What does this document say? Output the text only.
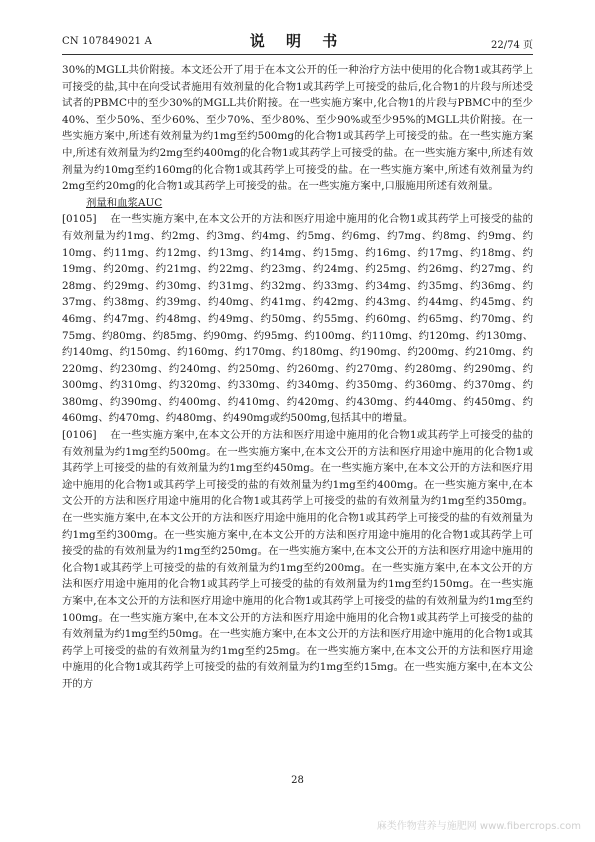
CN 107849021 A	说 明 书	22/74 页

30%的MGLL共价附接。本文还公开了用于在本文公开的任一种治疗方法中使用的化合物1或其药学上可接受的盐,其中在向受试者施用有效剂量的化合物1或其药学上可接受的盐后,化合物1的片段与所述受试者的PBMC中的至少30%的MGLL共价附接。在一些实施方案中,化合物1的片段与PBMC中的至少40%、至少50%、至少60%、至少70%、至少80%、至少90%或至少95%的MGLL共价附接。在一些实施方案中,所述有效剂量为约1mg至约500mg的化合物1或其药学上可接受的盐。在一些实施方案中,所述有效剂量为约2mg至约400mg的化合物1或其药学上可接受的盐。在一些实施方案中,所述有效剂量为约10mg至约160mg的化合物1或其药学上可接受的盐。在一些实施方案中,所述有效剂量为约2mg至约20mg的化合物1或其药学上可接受的盐。在一些实施方案中,口服施用所述有效剂量。

剂量和血浆AUC

[0105] 在一些实施方案中,在本文公开的方法和医疗用途中施用的化合物1或其药学上可接受的盐的有效剂量为约1mg、约2mg、约3mg、约4mg、约5mg、约6mg、约7mg、约8mg、约9mg、约10mg、约11mg、约12mg、约13mg、约14mg、约15mg、约16mg、约17mg、约18mg、约19mg、约20mg、约21mg、约22mg、约23mg、约24mg、约25mg、约26mg、约27mg、约28mg、约29mg、约30mg、约31mg、约32mg、约33mg、约34mg、约35mg、约36mg、约37mg、约38mg、约39mg、约40mg、约41mg、约42mg、约43mg、约44mg、约45mg、约46mg、约47mg、约48mg、约49mg、约50mg、约55mg、约60mg、约65mg、约70mg、约75mg、约80mg、约85mg、约90mg、约95mg、约100mg、约110mg、约120mg、约130mg、约140mg、约150mg、约160mg、约170mg、约180mg、约190mg、约200mg、约210mg、约220mg、约230mg、约240mg、约250mg、约260mg、约270mg、约280mg、约290mg、约300mg、约310mg、约320mg、约330mg、约340mg、约350mg、约360mg、约370mg、约380mg、约390mg、约400mg、约410mg、约420mg、约430mg、约440mg、约450mg、约460mg、约470mg、约480mg、约490mg或约500mg,包括其中的增量。

[0106] 在一些实施方案中,在本文公开的方法和医疗用途中施用的化合物1或其药学上可接受的盐的有效剂量为约1mg至约500mg。在一些实施方案中,在本文公开的方法和医疗用途中施用的化合物1或其药学上可接受的盐的有效剂量为约1mg至约450mg。在一些实施方案中,在本文公开的方法和医疗用途中施用的化合物1或其药学上可接受的盐的有效剂量为约1mg至约400mg。在一些实施方案中,在本文公开的方法和医疗用途中施用的化合物1或其药学上可接受的盐的有效剂量为约1mg至约350mg。在一些实施方案中,在本文公开的方法和医疗用途中施用的化合物1或其药学上可接受的盐的有效剂量为约1mg至约300mg。在一些实施方案中,在本文公开的方法和医疗用途中施用的化合物1或其药学上可接受的盐的有效剂量为约1mg至约250mg。在一些实施方案中,在本文公开的方法和医疗用途中施用的化合物1或其药学上可接受的盐的有效剂量为约1mg至约200mg。在一些实施方案中,在本文公开的方法和医疗用途中施用的化合物1或其药学上可接受的盐的有效剂量为约1mg至约150mg。在一些实施方案中,在本文公开的方法和医疗用途中施用的化合物1或其药学上可接受的盐的有效剂量为约1mg至约100mg。在一些实施方案中,在本文公开的方法和医疗用途中施用的化合物1或其药学上可接受的盐的有效剂量为约1mg至约50mg。在一些实施方案中,在本文公开的方法和医疗用途中施用的化合物1或其药学上可接受的盐的有效剂量为约1mg至约25mg。在一些实施方案中,在本文公开的方法和医疗用途中施用的化合物1或其药学上可接受的盐的有效剂量为约1mg至约15mg。在一些实施方案中,在本文公开的方

28
麻类作物营养与施肥网 www.fibercrops.com
